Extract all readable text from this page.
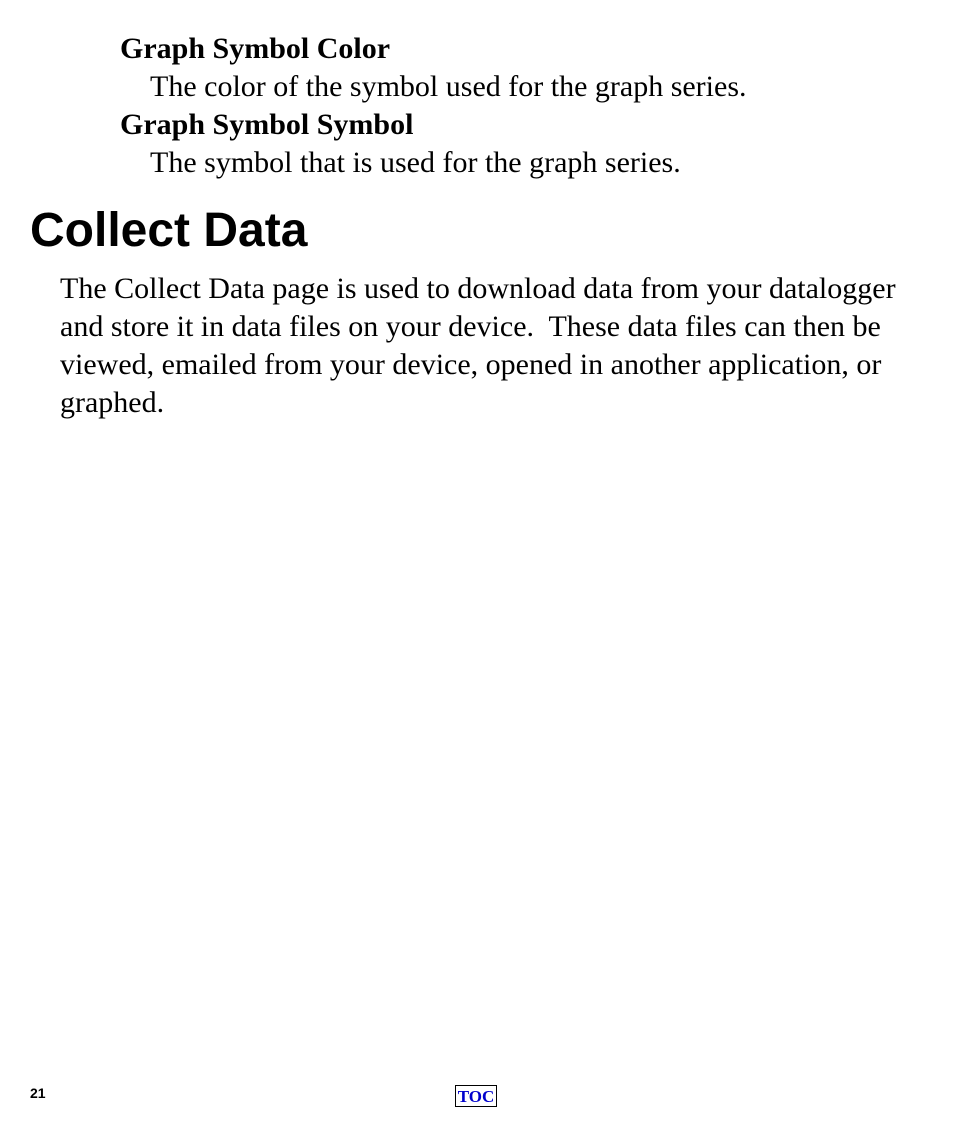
Graph Symbol Color
The color of the symbol used for the graph series.
Graph Symbol Symbol
The symbol that is used for the graph series.
Collect Data

The Collect Data page is used to download data from your datalogger and store it in data files on your device.  These data files can then be viewed, emailed from your device, opened in another application, or graphed.

21	TOC
